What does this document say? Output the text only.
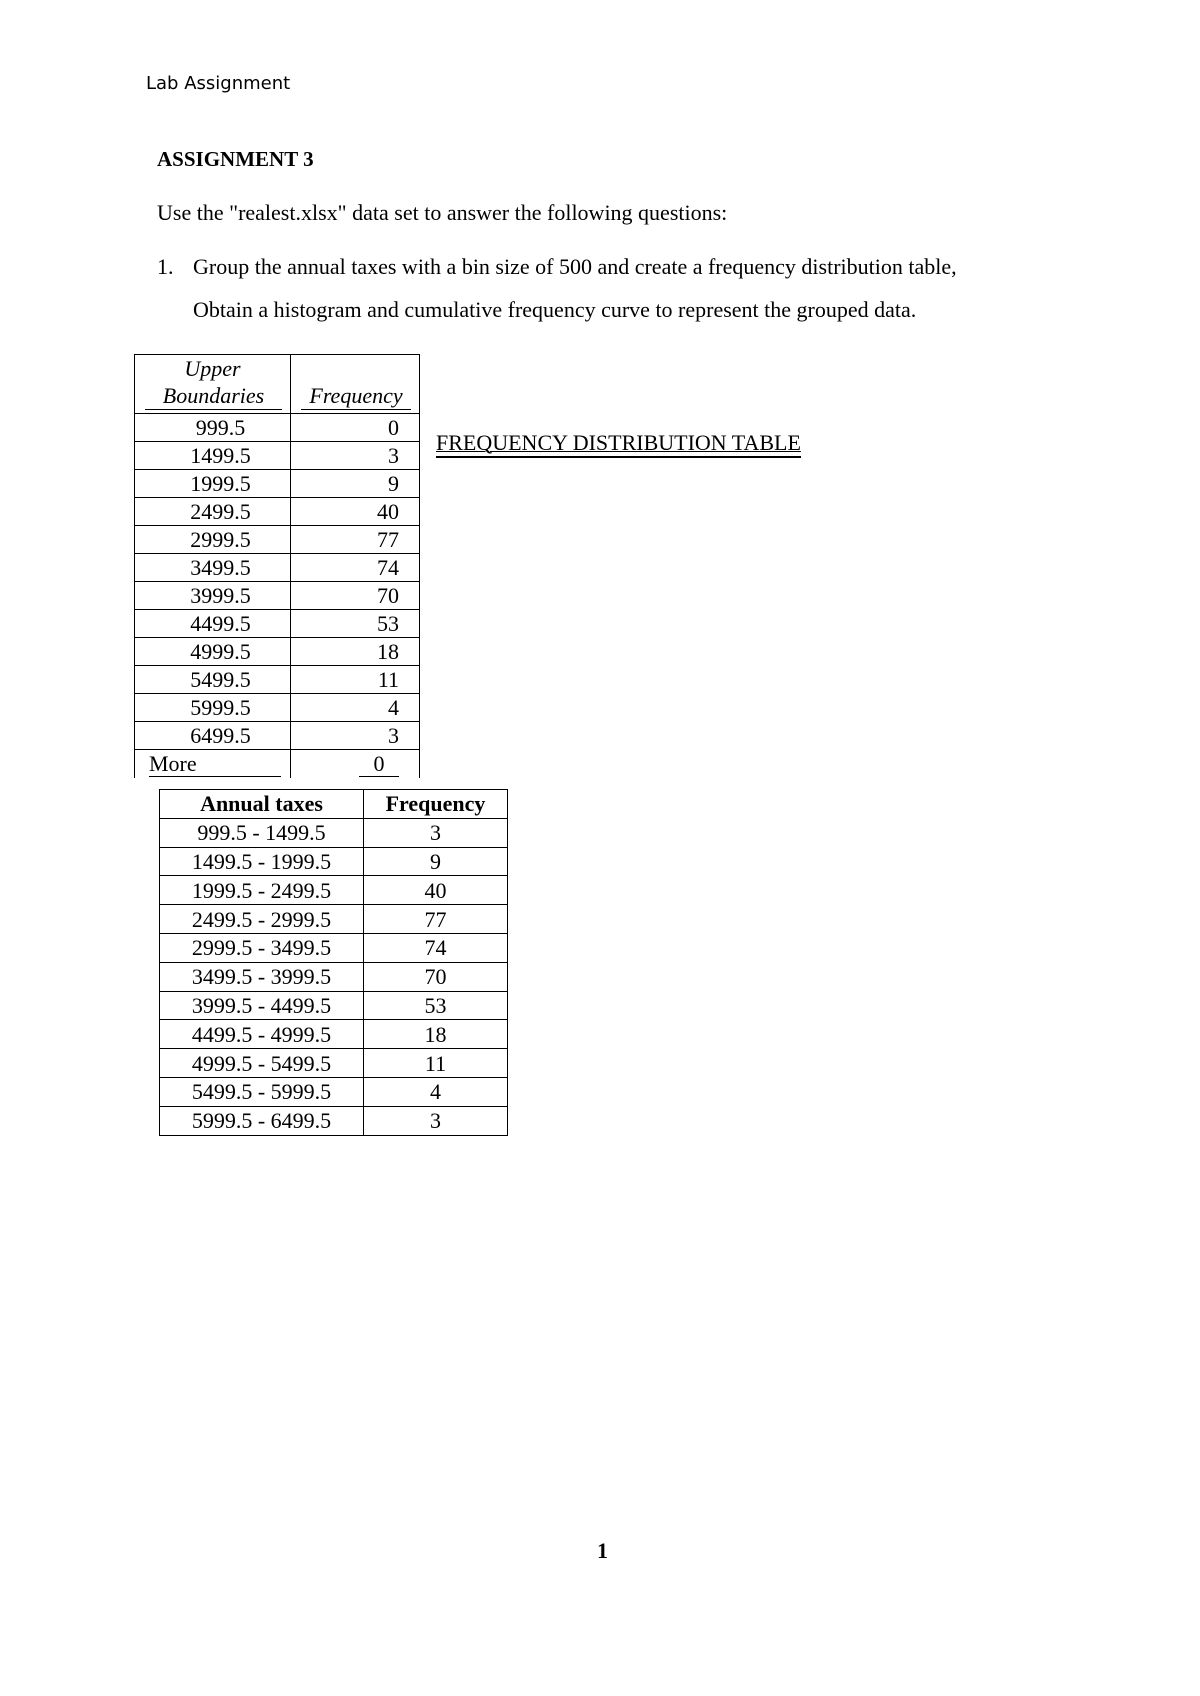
Lab Assignment
ASSIGNMENT 3
Use the "realest.xlsx" data set to answer the following questions:
1. Group the annual taxes with a bin size of 500 and create a frequency distribution table,
Obtain a histogram and cumulative frequency curve to represent the grouped data.
FREQUENCY DISTRIBUTION TABLE
Upper
Boundaries	Frequency

999.5	0
1499.5	3
1999.5	9
2499.5	40
2999.5	77
3499.5	74
3999.5	70
4499.5	53
4999.5	18
5499.5	11
5999.5	4
6499.5	3
More	0
Annual taxes	Frequency
999.5 - 1499.5	3
1499.5 - 1999.5	9
1999.5 - 2499.5	40
2499.5 - 2999.5	77
2999.5 - 3499.5	74
3499.5 - 3999.5	70
3999.5 - 4499.5	53
4499.5 - 4999.5	18
4999.5 - 5499.5	11
5499.5 - 5999.5	4
5999.5 - 6499.5	3
1
